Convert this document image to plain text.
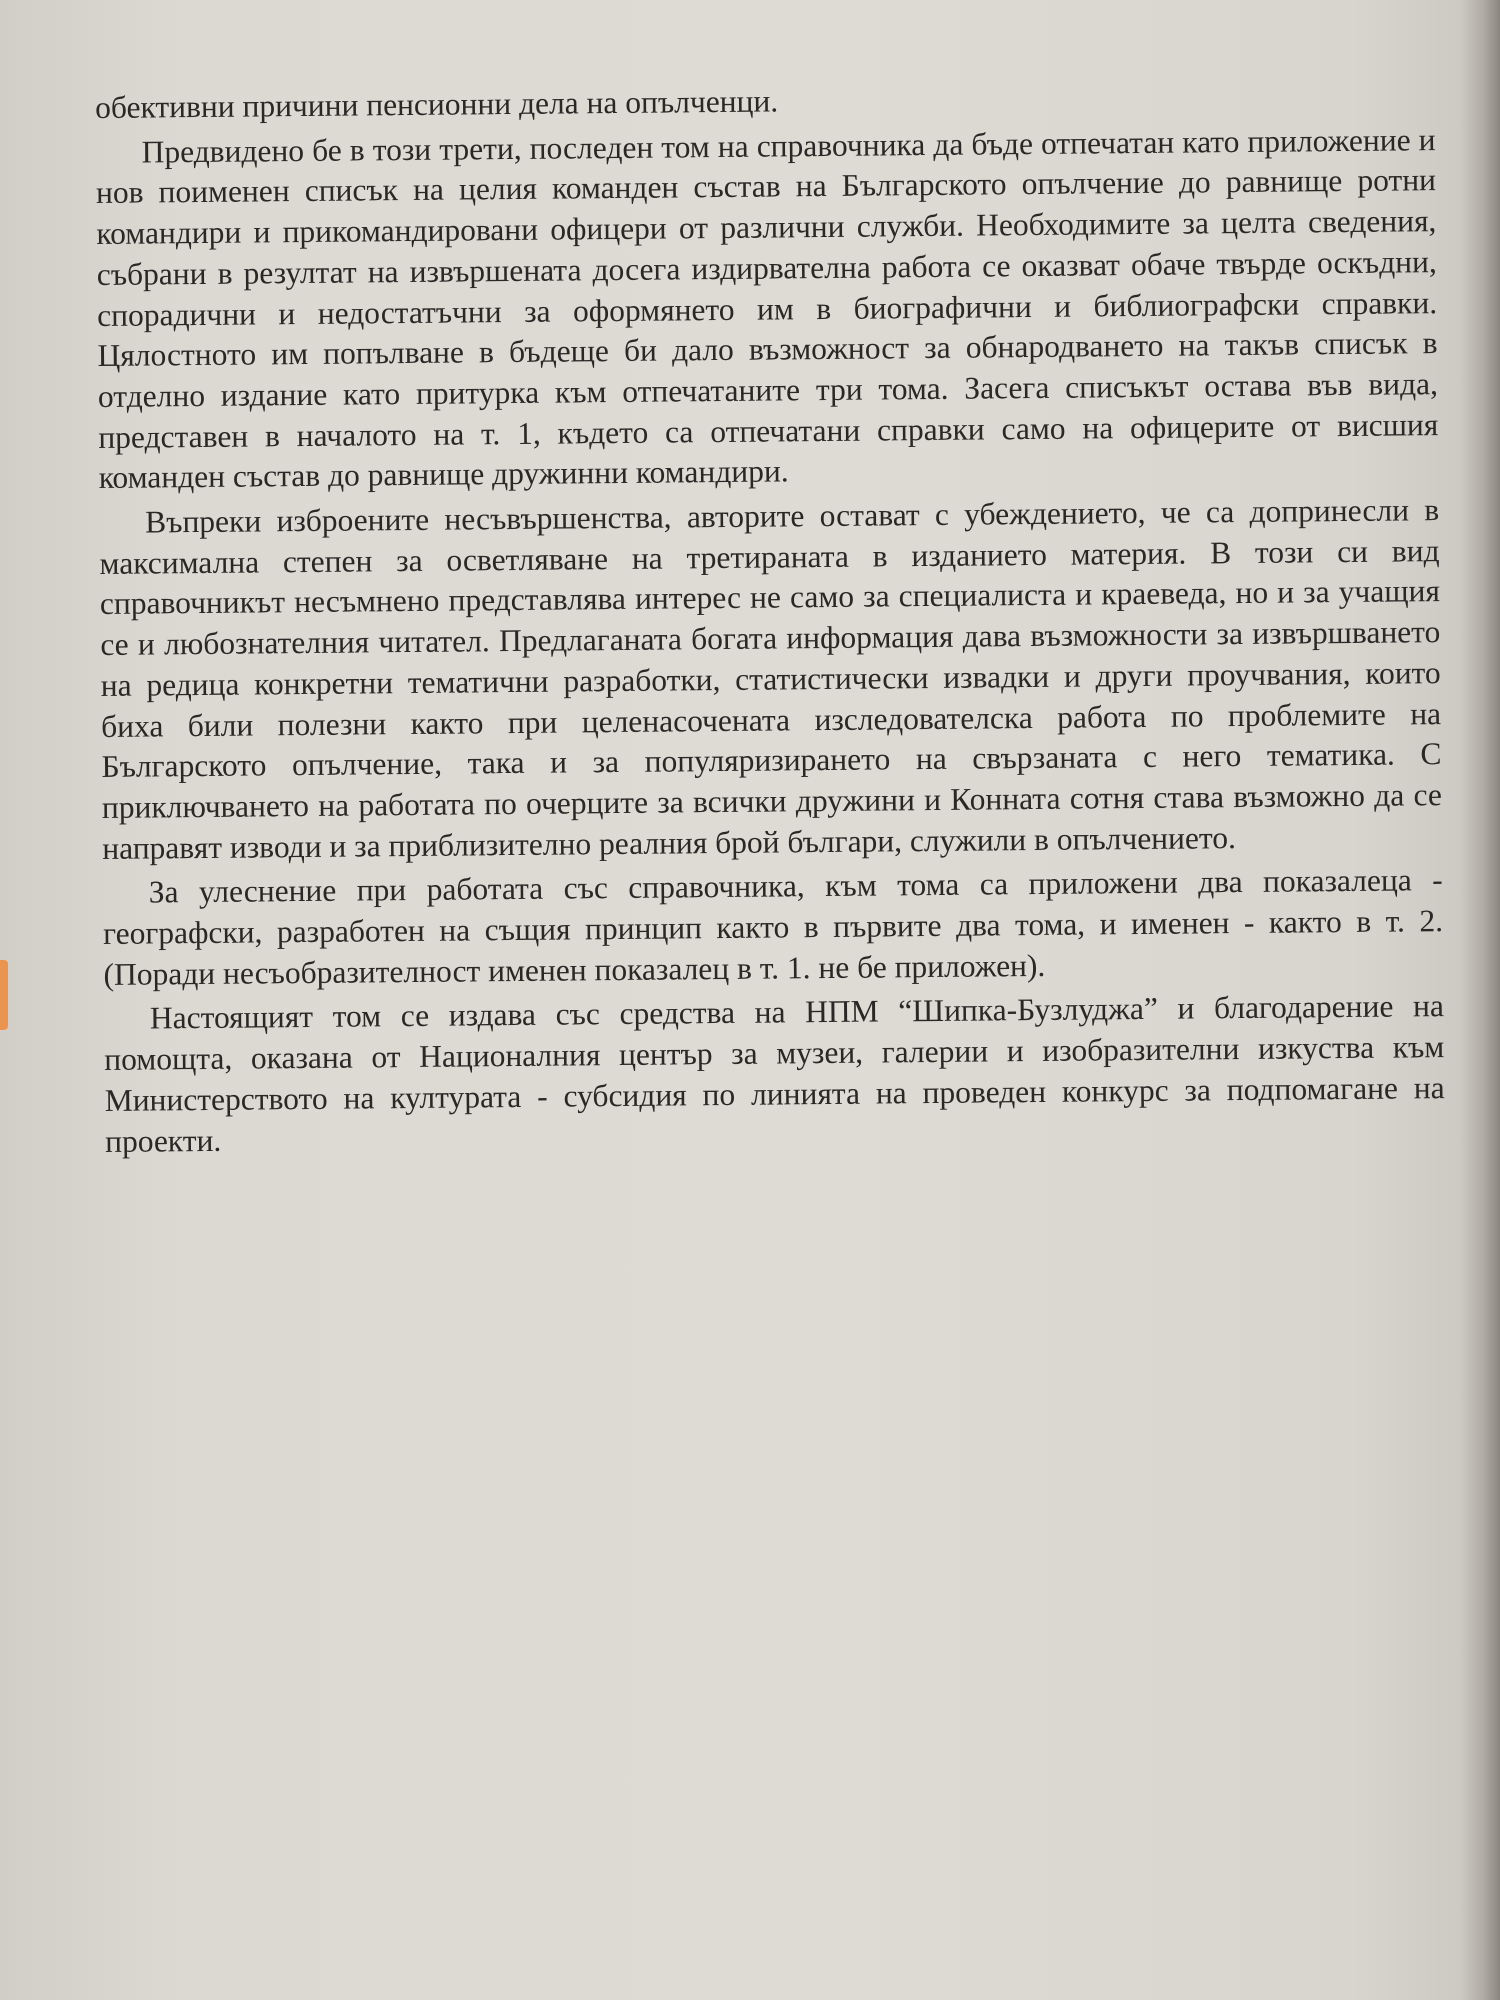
обективни причини пенсионни дела на опълченци.

Предвидено бе в този трети, последен том на справочника да бъде отпечатан като приложение и нов поименен списък на целия команден състав на Българското опълчение до равнище ротни командири и прикомандировани офицери от различни служби. Необходимите за целта сведения, събрани в резултат на извършената досега издирвателна работа се оказват обаче твърде оскъдни, спорадични и недостатъчни за оформянето им в биографични и библиографски справки. Цялостното им попълване в бъдеще би дало възможност за обнародването на такъв списък в отделно издание като притурка към отпечатаните три тома. Засега списъкът остава във вида, представен в началото на т. 1, където са отпечатани справки само на офицерите от висшия команден състав до равнище дружинни командири.

Въпреки изброените несъвършенства, авторите остават с убеждението, че са допринесли в максимална степен за осветляване на третираната в изданието материя. В този си вид справочникът несъмнено представлява интерес не само за специалиста и краеведа, но и за учащия се и любознателния читател. Предлаганата богата информация дава възможности за извършването на редица конкретни тематични разработки, статистически извадки и други проучвания, които биха били полезни както при целенасочената изследователска работа по проблемите на Българското опълчение, така и за популяризирането на свързаната с него тематика. С приключването на работата по очерците за всички дружини и Конната сотня става възможно да се направят изводи и за приблизително реалния брой българи, служили в опълчението.

За улеснение при работата със справочника, към тома са приложени два показалеца - географски, разработен на същия принцип както в първите два тома, и именен - както в т. 2. (Поради несъобразителност именен показалец в т. 1. не бе приложен).

Настоящият том се издава със средства на НПМ “Шипка-Бузлуджа” и благодарение на помощта, оказана от Националния център за музеи, галерии и изобразителни изкуства към Министерството на културата - субсидия по линията на проведен конкурс за подпомагане на проекти.
